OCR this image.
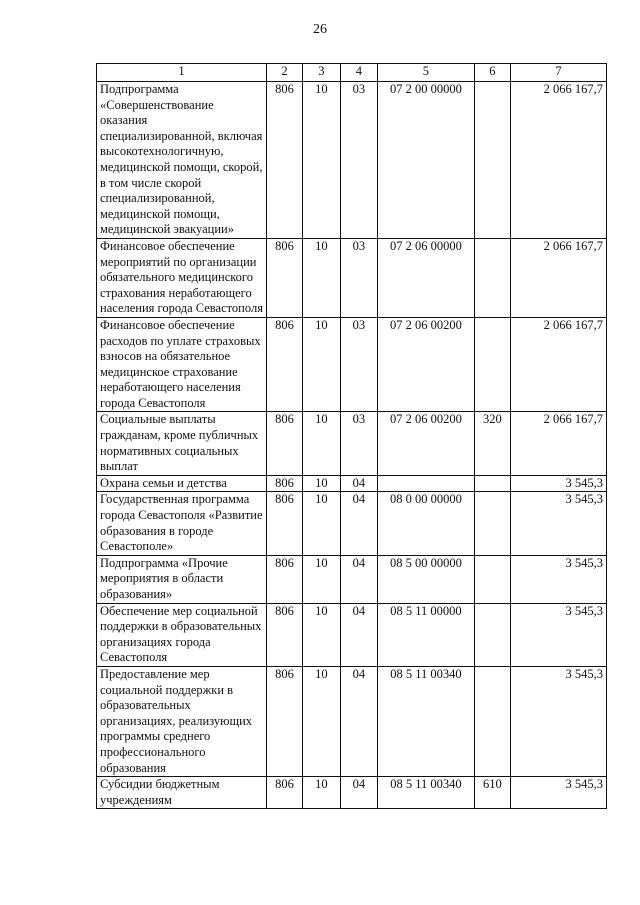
26
1	2	3	4	5	6	7
Подпрограмма «Совершенствование оказания специализированной, включая высокотехнологичную, медицинской помощи, скорой, в том числе скорой специализированной, медицинской помощи, медицинской эвакуации»	806	10	03	07 2 00 00000		2 066 167,7
Финансовое обеспечение мероприятий по организации обязательного медицинского страхования неработающего населения города Севастополя	806	10	03	07 2 06 00000		2 066 167,7
Финансовое обеспечение расходов по уплате страховых взносов на обязательное медицинское страхование неработающего населения города Севастополя	806	10	03	07 2 06 00200		2 066 167,7
Социальные выплаты гражданам, кроме публичных нормативных социальных выплат	806	10	03	07 2 06 00200	320	2 066 167,7
Охрана семьи и детства	806	10	04			3 545,3
Государственная программа города Севастополя «Развитие образования в городе Севастополе»	806	10	04	08 0 00 00000		3 545,3
Подпрограмма «Прочие мероприятия в области образования»	806	10	04	08 5 00 00000		3 545,3
Обеспечение мер социальной поддержки в образовательных организациях города Севастополя	806	10	04	08 5 11 00000		3 545,3
Предоставление мер социальной поддержки в образовательных организациях, реализующих программы среднего профессионального образования	806	10	04	08 5 11 00340		3 545,3
Субсидии бюджетным учреждениям	806	10	04	08 5 11 00340	610	3 545,3
